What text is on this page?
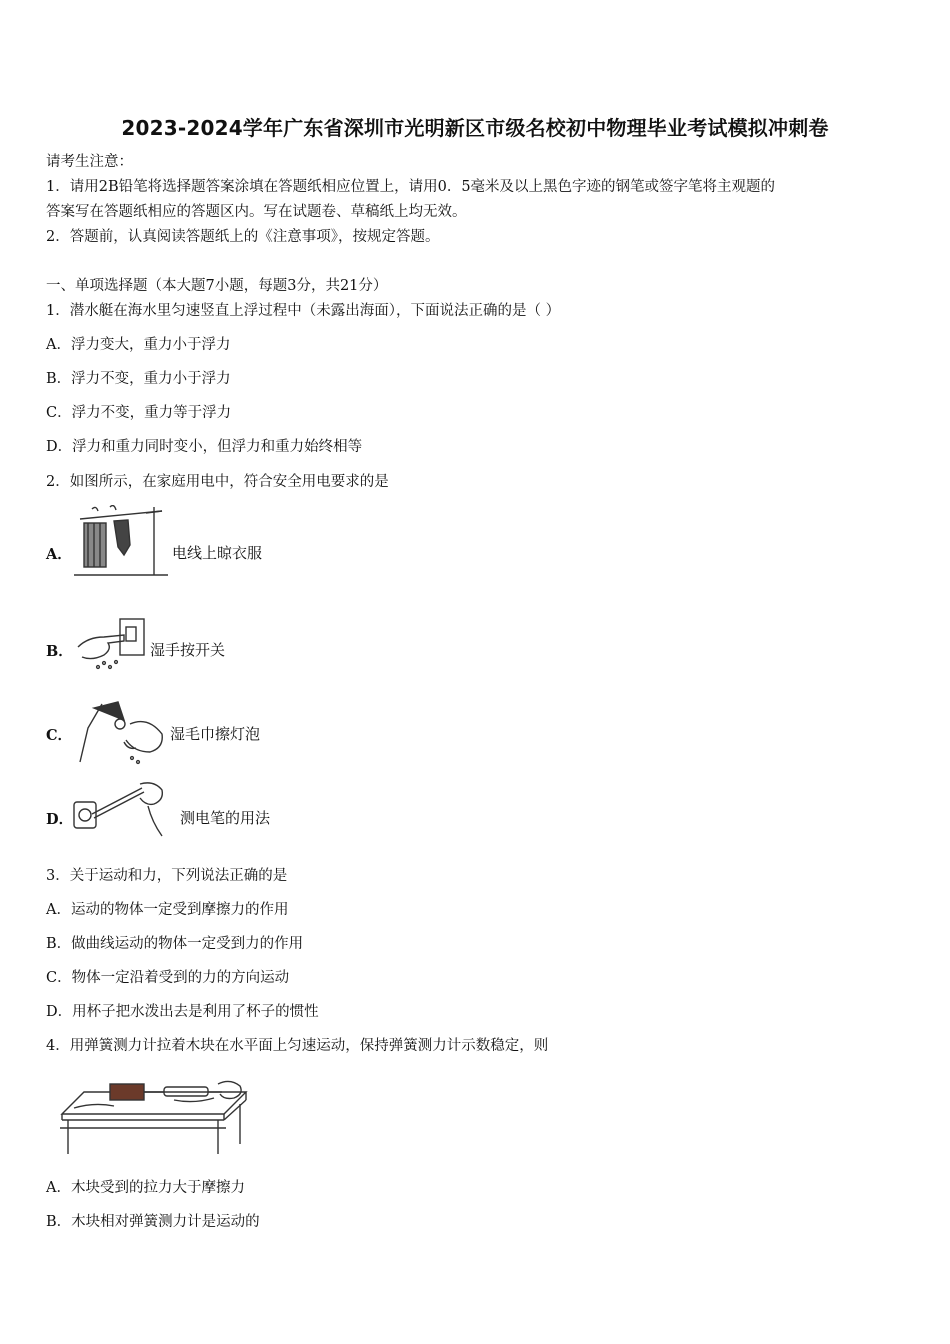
2023-2024学年广东省深圳市光明新区市级名校初中物理毕业考试模拟冲刺卷
请考生注意：
1．请用2B铅笔将选择题答案涂填在答题纸相应位置上，请用0．5毫米及以上黑色字迹的钢笔或签字笔将主观题的
答案写在答题纸相应的答题区内。写在试题卷、草稿纸上均无效。
2．答题前，认真阅读答题纸上的《注意事项》，按规定答题。
一、单项选择题（本大题7小题，每题3分，共21分）
1．潜水艇在海水里匀速竖直上浮过程中（未露出海面），下面说法正确的是（ ）
A．浮力变大，重力小于浮力
B．浮力不变，重力小于浮力
C．浮力不变，重力等于浮力
D．浮力和重力同时变小，但浮力和重力始终相等
2．如图所示，在家庭用电中，符合安全用电要求的是
A．	电线上晾衣服
B．	湿手按开关
C．	湿毛巾擦灯泡
D．	测电笔的用法
3．关于运动和力，下列说法正确的是
A．运动的物体一定受到摩擦力的作用
B．做曲线运动的物体一定受到力的作用
C．物体一定沿着受到的力的方向运动
D．用杯子把水泼出去是利用了杯子的惯性
4．用弹簧测力计拉着木块在水平面上匀速运动，保持弹簧测力计示数稳定，则
A．木块受到的拉力大于摩擦力
B．木块相对弹簧测力计是运动的
